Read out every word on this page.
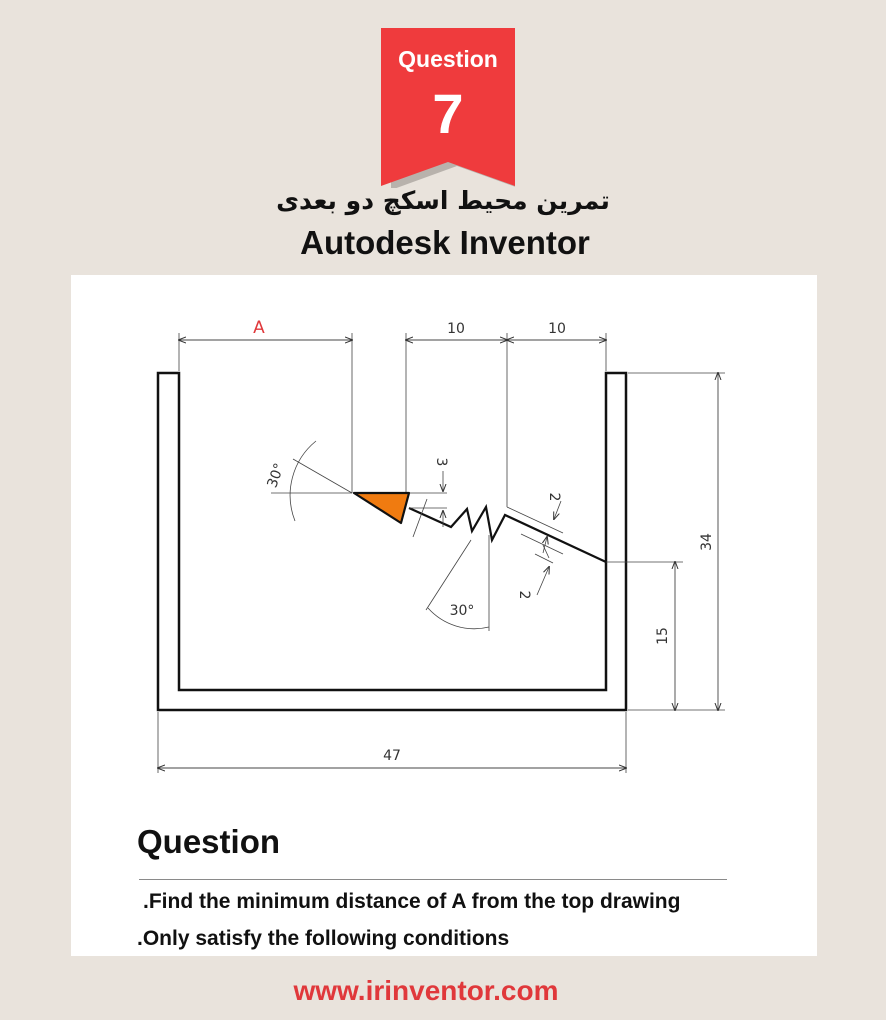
Question
7
تمرین محیط اسکچ دو بعدی
Autodesk Inventor
A	10	10
34
15
47
3
2
2
30°
30°
Question
.Find the minimum distance of A from the top drawing
.Only satisfy the following conditions
www.irinventor.com
